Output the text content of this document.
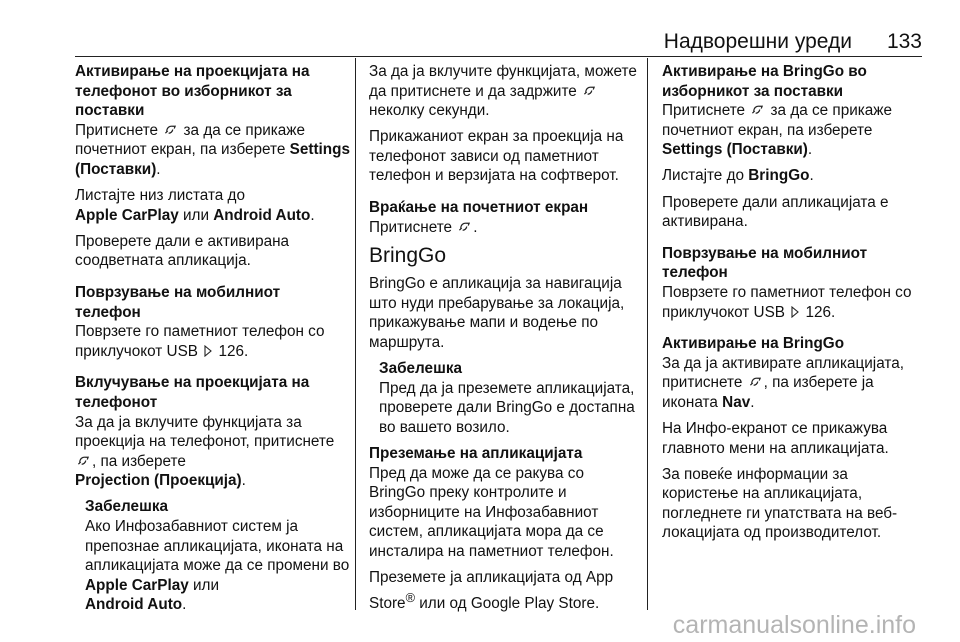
Надворешни уреди 133

Активирање на проекцијата на телефонот во изборникот за поставки

Притиснете за да се прикаже почетниот екран, па изберете Settings (Поставки).

Листајте низ листата до
Apple CarPlay или Android Auto.

Проверете дали е активирана соодветната апликација.

Поврзување на мобилниот телефон

Поврзете го паметниот телефон со приклучокот USB 126.

Вклучување на проекцијата на телефонот

За да ја вклучите функцијата за проекција на телефонот, притиснете , па изберете
Projection (Проекција).

Забелешка

Ако Инфозабавниот систем ја препознае апликацијата, иконата на апликацијата може да се промени во Apple CarPlay или
Android Auto.

За да ја вклучите функцијата, можете да притиснете и да задржите  неколку секунди.

Прикажаниот екран за проекција на телефонот зависи од паметниот телефон и верзијата на софтверот.

Враќање на почетниот екран

Притиснете .

BringGo

BringGo е апликација за навигација што нуди пребарување за локација, прикажување мапи и водење по маршрута.

Забелешка

Пред да ја преземете апликацијата, проверете дали BringGo е достапна во вашето возило.

Преземање на апликацијата

Пред да може да се ракува со BringGo преку контролите и изборниците на Инфозабавниот систем, апликацијата мора да се инсталира на паметниот телефон.

Преземете ја апликацијата од App Store® или од Google Play Store.

Активирање на BringGo во изборникот за поставки

Притиснете за да се прикаже почетниот екран, па изберете
Settings (Поставки).

Листајте до BringGo.

Проверете дали апликацијата е активирана.

Поврзување на мобилниот телефон

Поврзете го паметниот телефон со приклучокот USB 126.

Активирање на BringGo

За да ја активирате апликацијата, притиснете , па изберете ја иконата Nav.

На Инфо-екранот се прикажува главното мени на апликацијата.

За повеќе информации за користење на апликацијата, погледнете ги упатствата на веб-локацијата од производителот.

carmanualsonline.info
